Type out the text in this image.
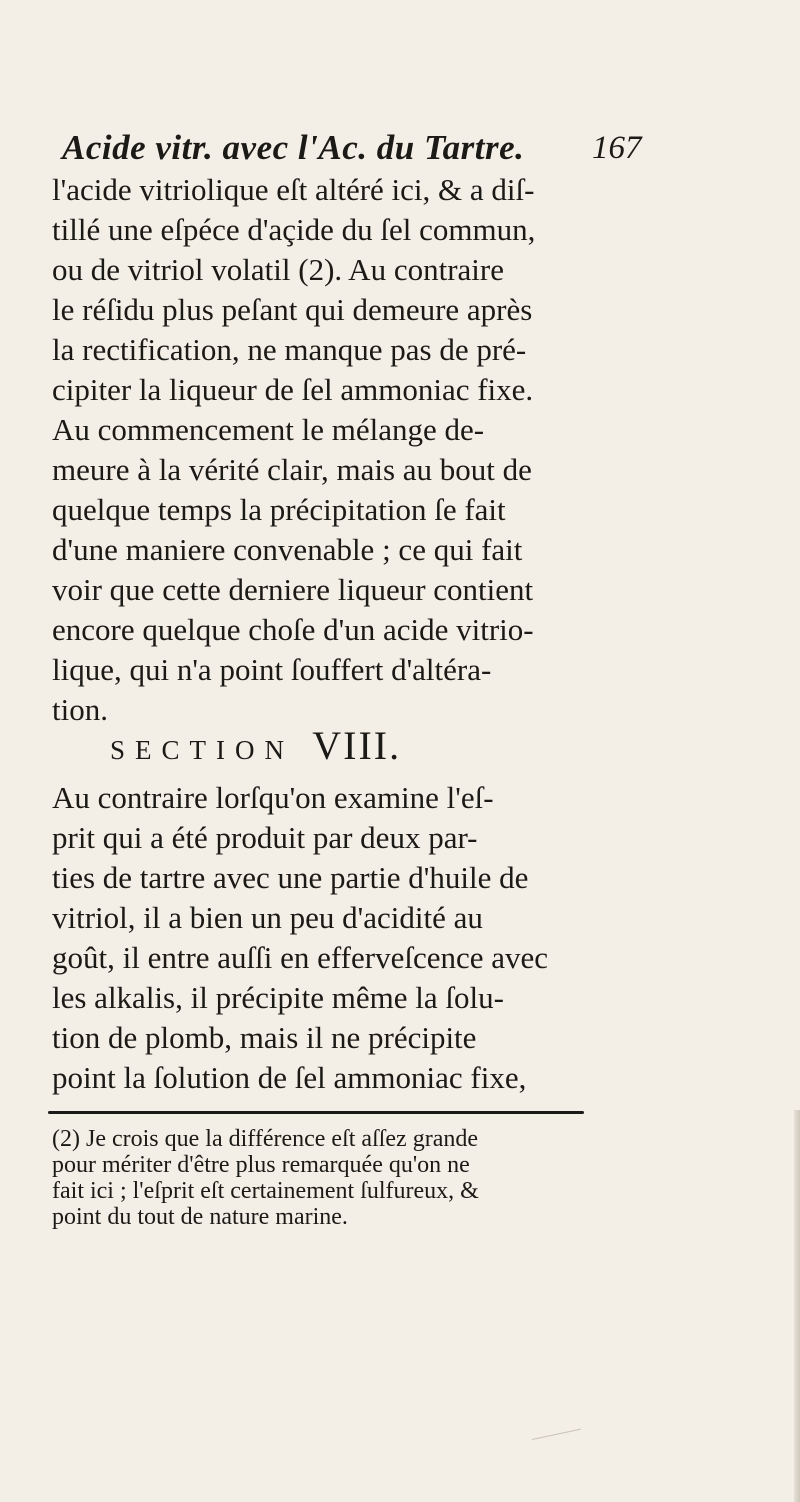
Acide vitr. avec l'Ac. du Tartre. 167
l'acide vitriolique eſt altéré ici, & a diſ-
tillé une eſpéce d'açide du ſel commun,
ou de vitriol volatil (2). Au contraire
le réſidu plus peſant qui demeure après
la rectification, ne manque pas de pré-
cipiter la liqueur de ſel ammoniac fixe.
Au commencement le mélange de-
meure à la vérité clair, mais au bout de
quelque temps la précipitation ſe fait
d'une maniere convenable ; ce qui fait
voir que cette derniere liqueur contient
encore quelque choſe d'un acide vitrio-
lique, qui n'a point ſouffert d'altéra-
tion.
SECTION VIII.
Au contraire lorſqu'on examine l'eſ-
prit qui a été produit par deux par-
ties de tartre avec une partie d'huile de
vitriol, il a bien un peu d'acidité au
goût, il entre auſſi en efferveſcence avec
les alkalis, il précipite même la ſolu-
tion de plomb, mais il ne précipite
point la ſolution de ſel ammoniac fixe,
(2) Je crois que la différence eſt aſſez grande
pour mériter d'être plus remarquée qu'on ne
fait ici ; l'eſprit eſt certainement ſulfureux, &
point du tout de nature marine.
